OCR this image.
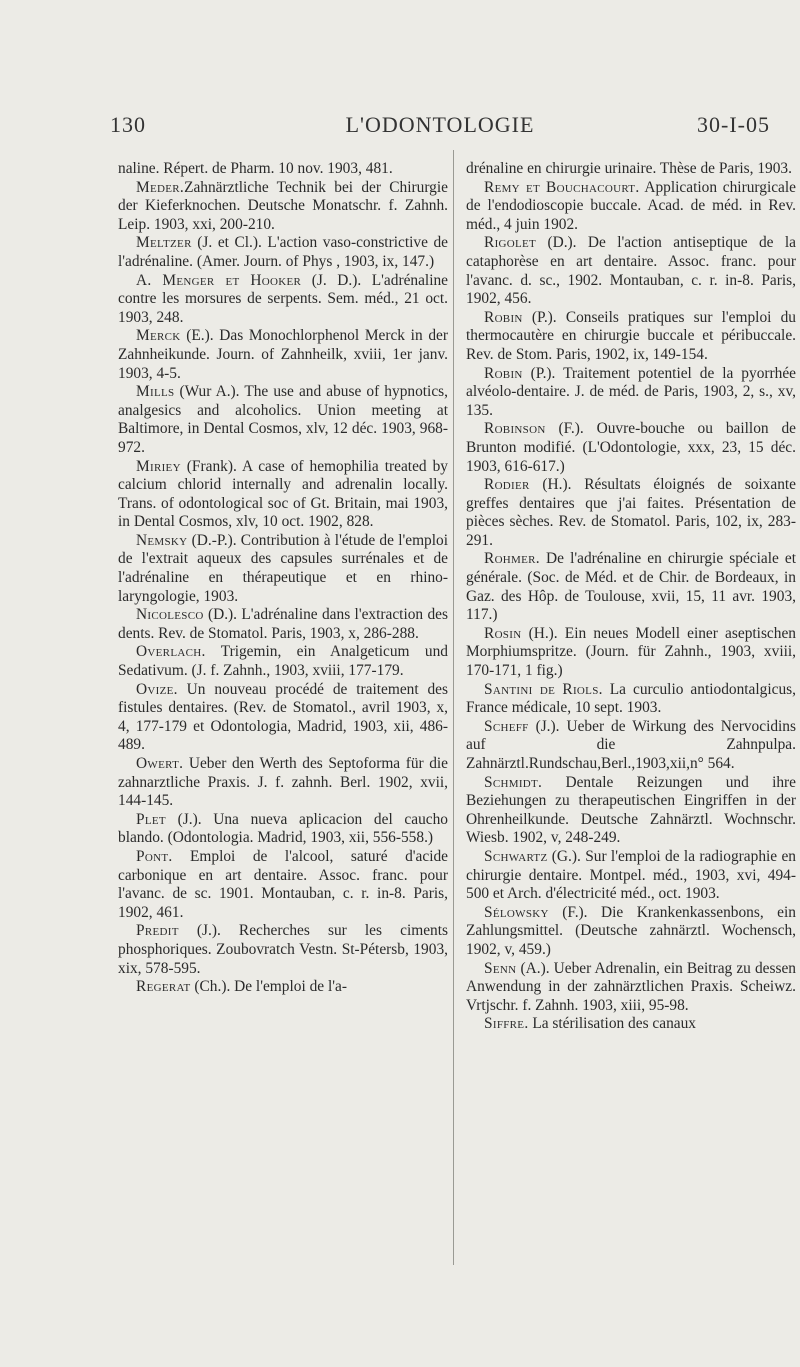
130	L'ODONTOLOGIE	30-I-05

naline. Répert. de Pharm. 10 nov. 1903, 481.

Meder.Zahnärztliche Technik bei der Chirurgie der Kieferknochen. Deutsche Monatschr. f. Zahnh. Leip. 1903, xxi, 200-210.

Meltzer (J. et Cl.). L'action vaso-constrictive de l'adrénaline. (Amer. Journ. of Phys , 1903, ix, 147.)

A. Menger et Hooker (J. D.). L'adrénaline contre les morsures de serpents. Sem. méd., 21 oct. 1903, 248.

Merck (E.). Das Monochlorphenol Merck in der Zahnheikunde. Journ. of Zahnheilk, xviii, 1er janv. 1903, 4-5.

Mills (Wur A.). The use and abuse of hypnotics, analgesics and alcoholics. Union meeting at Baltimore, in Dental Cosmos, xlv, 12 déc. 1903, 968-972.

Miriey (Frank). A case of hemophilia treated by calcium chlorid internally and adrenalin locally. Trans. of odontological soc of Gt. Britain, mai 1903, in Dental Cosmos, xlv, 10 oct. 1902, 828.

Nemsky (D.-P.). Contribution à l'étude de l'emploi de l'extrait aqueux des capsules surrénales et de l'adrénaline en thérapeutique et en rhino-laryngologie, 1903.

Nicolesco (D.). L'adrénaline dans l'extraction des dents. Rev. de Stomatol. Paris, 1903, x, 286-288.

Overlach. Trigemin, ein Analgeticum und Sedativum. (J. f. Zahnh., 1903, xviii, 177-179.

Ovize. Un nouveau procédé de traitement des fistules dentaires. (Rev. de Stomatol., avril 1903, x, 4, 177-179 et Odontologia, Madrid, 1903, xii, 486-489.

Owert. Ueber den Werth des Septoforma für die zahnarztliche Praxis. J. f. zahnh. Berl. 1902, xvii, 144-145.

Plet (J.). Una nueva aplicacion del caucho blando. (Odontologia. Madrid, 1903, xii, 556-558.)

Pont. Emploi de l'alcool, saturé d'acide carbonique en art dentaire. Assoc. franc. pour l'avanc. de sc. 1901. Montauban, c. r. in-8. Paris, 1902, 461.

Predit (J.). Recherches sur les ciments phosphoriques. Zoubovratch Vestn. St-Pétersb, 1903, xix, 578-595.

Regerat (Ch.). De l'emploi de l'a-

drénaline en chirurgie urinaire. Thèse de Paris, 1903.

Remy et Bouchacourt. Application chirurgicale de l'endodioscopie buccale. Acad. de méd. in Rev. méd., 4 juin 1902.

Rigolet (D.). De l'action antiseptique de la cataphorèse en art dentaire. Assoc. franc. pour l'avanc. d. sc., 1902. Montauban, c. r. in-8. Paris, 1902, 456.

Robin (P.). Conseils pratiques sur l'emploi du thermocautère en chirurgie buccale et péribuccale. Rev. de Stom. Paris, 1902, ix, 149-154.

Robin (P.). Traitement potentiel de la pyorrhée alvéolo-dentaire. J. de méd. de Paris, 1903, 2, s., xv, 135.

Robinson (F.). Ouvre-bouche ou baillon de Brunton modifié. (L'Odontologie, xxx, 23, 15 déc. 1903, 616-617.)

Rodier (H.). Résultats éloignés de soixante greffes dentaires que j'ai faites. Présentation de pièces sèches. Rev. de Stomatol. Paris, 102, ix, 283-291.

Rohmer. De l'adrénaline en chirurgie spéciale et générale. (Soc. de Méd. et de Chir. de Bordeaux, in Gaz. des Hôp. de Toulouse, xvii, 15, 11 avr. 1903, 117.)

Rosin (H.). Ein neues Modell einer aseptischen Morphiumspritze. (Journ. für Zahnh., 1903, xviii, 170-171, 1 fig.)

Santini de Riols. La curculio antiodontalgicus, France médicale, 10 sept. 1903.

Scheff (J.). Ueber de Wirkung des Nervocidins auf die Zahnpulpa. Zahnärztl.Rundschau,Berl.,1903,xii,n° 564.

Schmidt. Dentale Reizungen und ihre Beziehungen zu therapeutischen Eingriffen in der Ohrenheilkunde. Deutsche Zahnärztl. Wochnschr. Wiesb. 1902, v, 248-249.

Schwartz (G.). Sur l'emploi de la radiographie en chirurgie dentaire. Montpel. méd., 1903, xvi, 494-500 et Arch. d'électricité méd., oct. 1903.

Sélowsky (F.). Die Krankenkassenbons, ein Zahlungsmittel. (Deutsche zahnärztl. Wochensch, 1902, v, 459.)

Senn (A.). Ueber Adrenalin, ein Beitrag zu dessen Anwendung in der zahnärztlichen Praxis. Scheiwz. Vrtjschr. f. Zahnh. 1903, xiii, 95-98.

Siffre. La stérilisation des canaux
